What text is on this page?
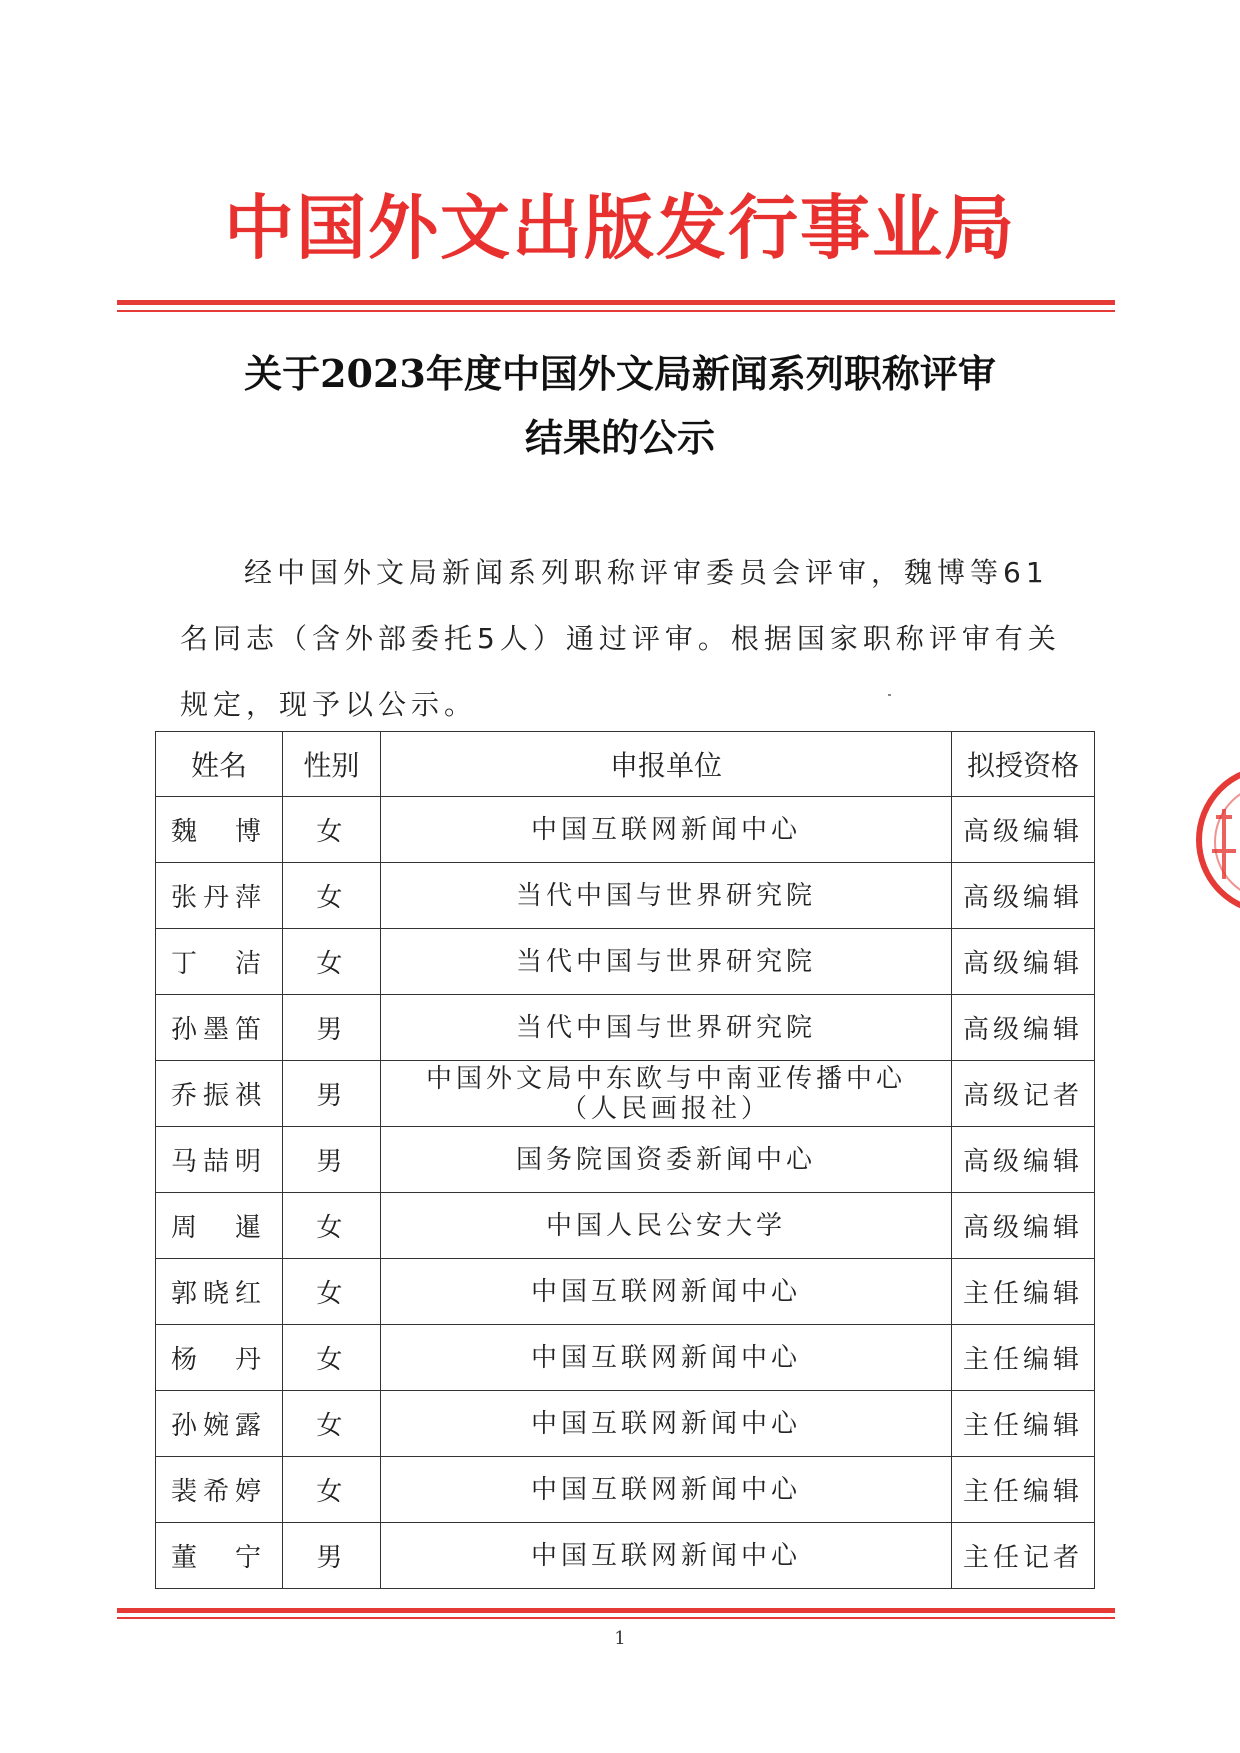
中国外文出版发行事业局
关于2023年度中国外文局新闻系列职称评审
结果的公示
经中国外文局新闻系列职称评审委员会评审，魏博等61名同志（含外部委托5人）通过评审。根据国家职称评审有关规定，现予以公示。
姓名	性别	申报单位	拟授资格
魏　博	女	中国互联网新闻中心	高级编辑
张丹萍	女	当代中国与世界研究院	高级编辑
丁　洁	女	当代中国与世界研究院	高级编辑
孙墨笛	男	当代中国与世界研究院	高级编辑
乔振祺	男	中国外文局中东欧与中南亚传播中心
（人民画报社）	高级记者
马喆明	男	国务院国资委新闻中心	高级编辑
周　暹	女	中国人民公安大学	高级编辑
郭晓红	女	中国互联网新闻中心	主任编辑
杨　丹	女	中国互联网新闻中心	主任编辑
孙婉露	女	中国互联网新闻中心	主任编辑
裴希婷	女	中国互联网新闻中心	主任编辑
董　宁	男	中国互联网新闻中心	主任记者
1
